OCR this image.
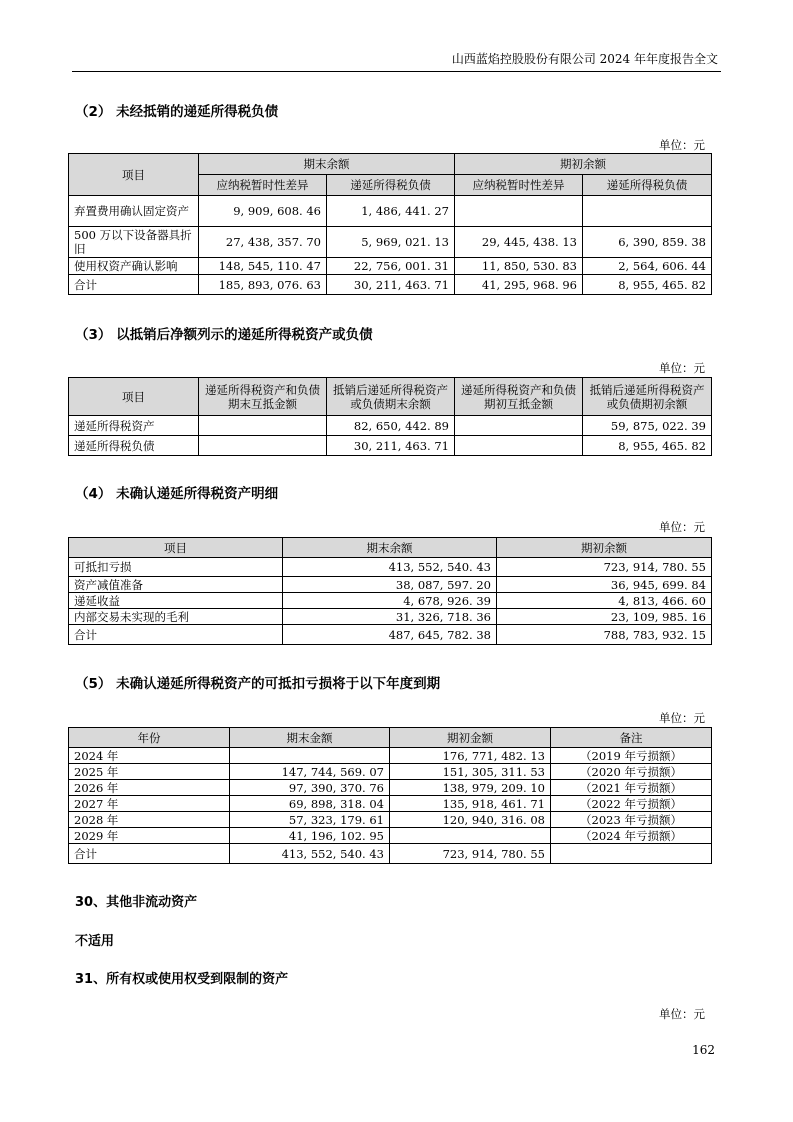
山西蓝焰控股股份有限公司 2024 年年度报告全文
（2） 未经抵销的递延所得税负债
单位：元
项目	期末余额		期初余额	
	应纳税暂时性差异	递延所得税负债	应纳税暂时性差异	递延所得税负债
弃置费用确认固定资产	9, 909, 608. 46	1, 486, 441. 27		
500 万以下设备器具折旧	27, 438, 357. 70	5, 969, 021. 13	29, 445, 438. 13	6, 390, 859. 38
使用权资产确认影响	148, 545, 110. 47	22, 756, 001. 31	11, 850, 530. 83	2, 564, 606. 44
合计	185, 893, 076. 63	30, 211, 463. 71	41, 295, 968. 96	8, 955, 465. 82
（3） 以抵销后净额列示的递延所得税资产或负债
单位：元
项目	递延所得税资产和负债期末互抵金额	抵销后递延所得税资产或负债期末余额	递延所得税资产和负债期初互抵金额	抵销后递延所得税资产或负债期初余额
递延所得税资产		82, 650, 442. 89		59, 875, 022. 39
递延所得税负债		30, 211, 463. 71		8, 955, 465. 82
（4） 未确认递延所得税资产明细
单位：元
项目	期末余额	期初余额
可抵扣亏损	413, 552, 540. 43	723, 914, 780. 55
资产减值准备	38, 087, 597. 20	36, 945, 699. 84
递延收益	4, 678, 926. 39	4, 813, 466. 60
内部交易未实现的毛利	31, 326, 718. 36	23, 109, 985. 16
合计	487, 645, 782. 38	788, 783, 932. 15
（5） 未确认递延所得税资产的可抵扣亏损将于以下年度到期
单位：元
年份	期末金额	期初金额	备注
2024 年		176, 771, 482. 13	（2019 年亏损额）
2025 年	147, 744, 569. 07	151, 305, 311. 53	（2020 年亏损额）
2026 年	97, 390, 370. 76	138, 979, 209. 10	（2021 年亏损额）
2027 年	69, 898, 318. 04	135, 918, 461. 71	（2022 年亏损额）
2028 年	57, 323, 179. 61	120, 940, 316. 08	（2023 年亏损额）
2029 年	41, 196, 102. 95		（2024 年亏损额）
合计	413, 552, 540. 43	723, 914, 780. 55	
30、其他非流动资产
不适用
31、所有权或使用权受到限制的资产
单位：元
162
